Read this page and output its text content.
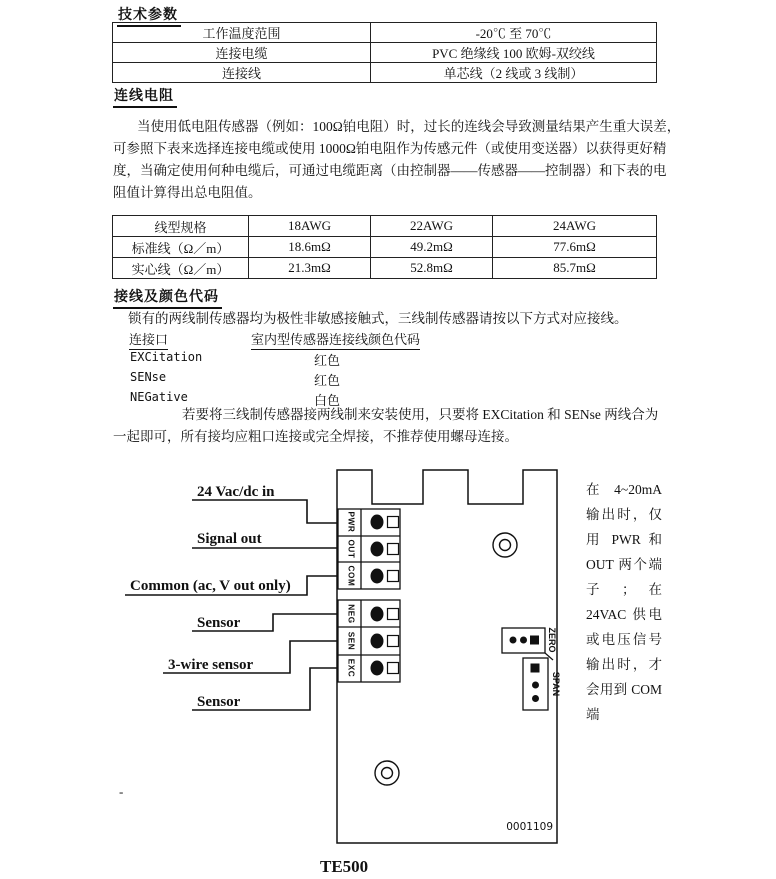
技术参数
工作温度范围	-20℃ 至 70℃
连接电缆	PVC 绝缘线 100 欧姆-双绞线
连接线	单芯线（2 线或 3 线制）
连线电阻
当使用低电阻传感器（例如：100Ω铂电阻）时，过长的连线会导致测量结果产生重大误差，
可参照下表来选择连接电缆或使用 1000Ω铂电阻作为传感元件（或使用变送器）以获得更好精
度，当确定使用何种电缆后，可通过电缆距离（由控制器——传感器——控制器）和下表的电
阻值计算得出总电阻值。
线型规格	18AWG	22AWG	24AWG
标准线（Ω／m）	18.6mΩ	49.2mΩ	77.6mΩ
实心线（Ω／m）	21.3mΩ	52.8mΩ	85.7mΩ
接线及颜色代码
锁有的两线制传感器均为极性非敏感接触式，三线制传感器请按以下方式对应接线。
连接口	室内型传感器连接线颜色代码
EXCitation	红色
SENse	红色
NEGative	白色
若要将三线制传感器接两线制来安装使用，只要将 EXCitation 和 SENse 两线合为
一起即可，所有接均应粗口连接或完全焊接，不推荐使用螺母连接。
24 Vac/dc in
Signal out
Common (ac, V out only)
Sensor
3-wire sensor
Sensor
PWR
OUT
COM
NEG
SEN
EXC
ZERO
SPAN
0001109
TE500
-
在 4~20mA
输出时，仅
用 PWR 和
OUT 两个端
子 ； 在
24VAC 供电
或电压信号
输出时，才
会用到 COM
端
